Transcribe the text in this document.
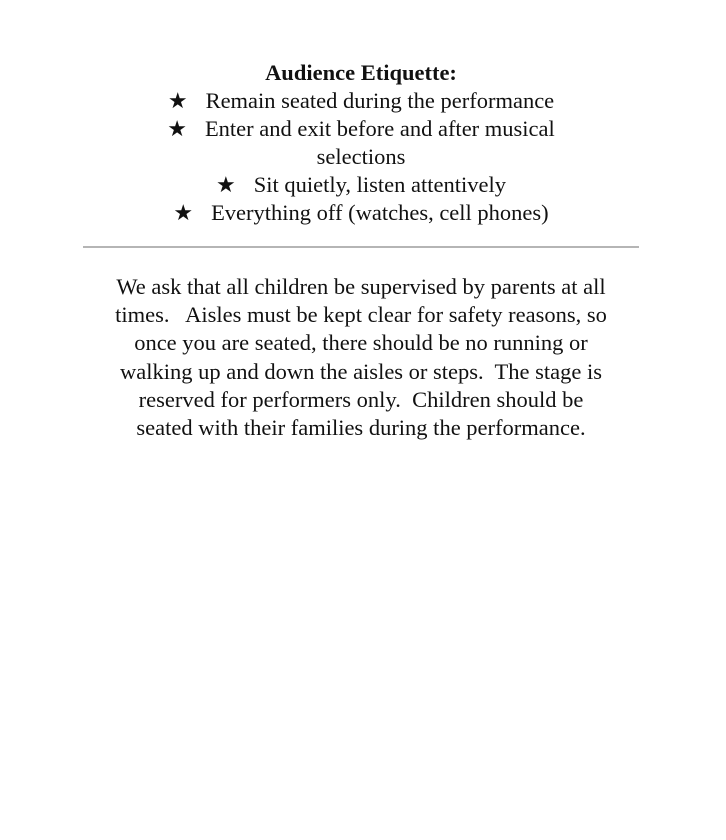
Audience Etiquette:
★ Remain seated during the performance
★ Enter and exit before and after musical
selections
★ Sit quietly, listen attentively
★ Everything off (watches, cell phones)

We ask that all children be supervised by parents at all
times.   Aisles must be kept clear for safety reasons, so
once you are seated, there should be no running or
walking up and down the aisles or steps.  The stage is
reserved for performers only.  Children should be
seated with their families during the performance.
